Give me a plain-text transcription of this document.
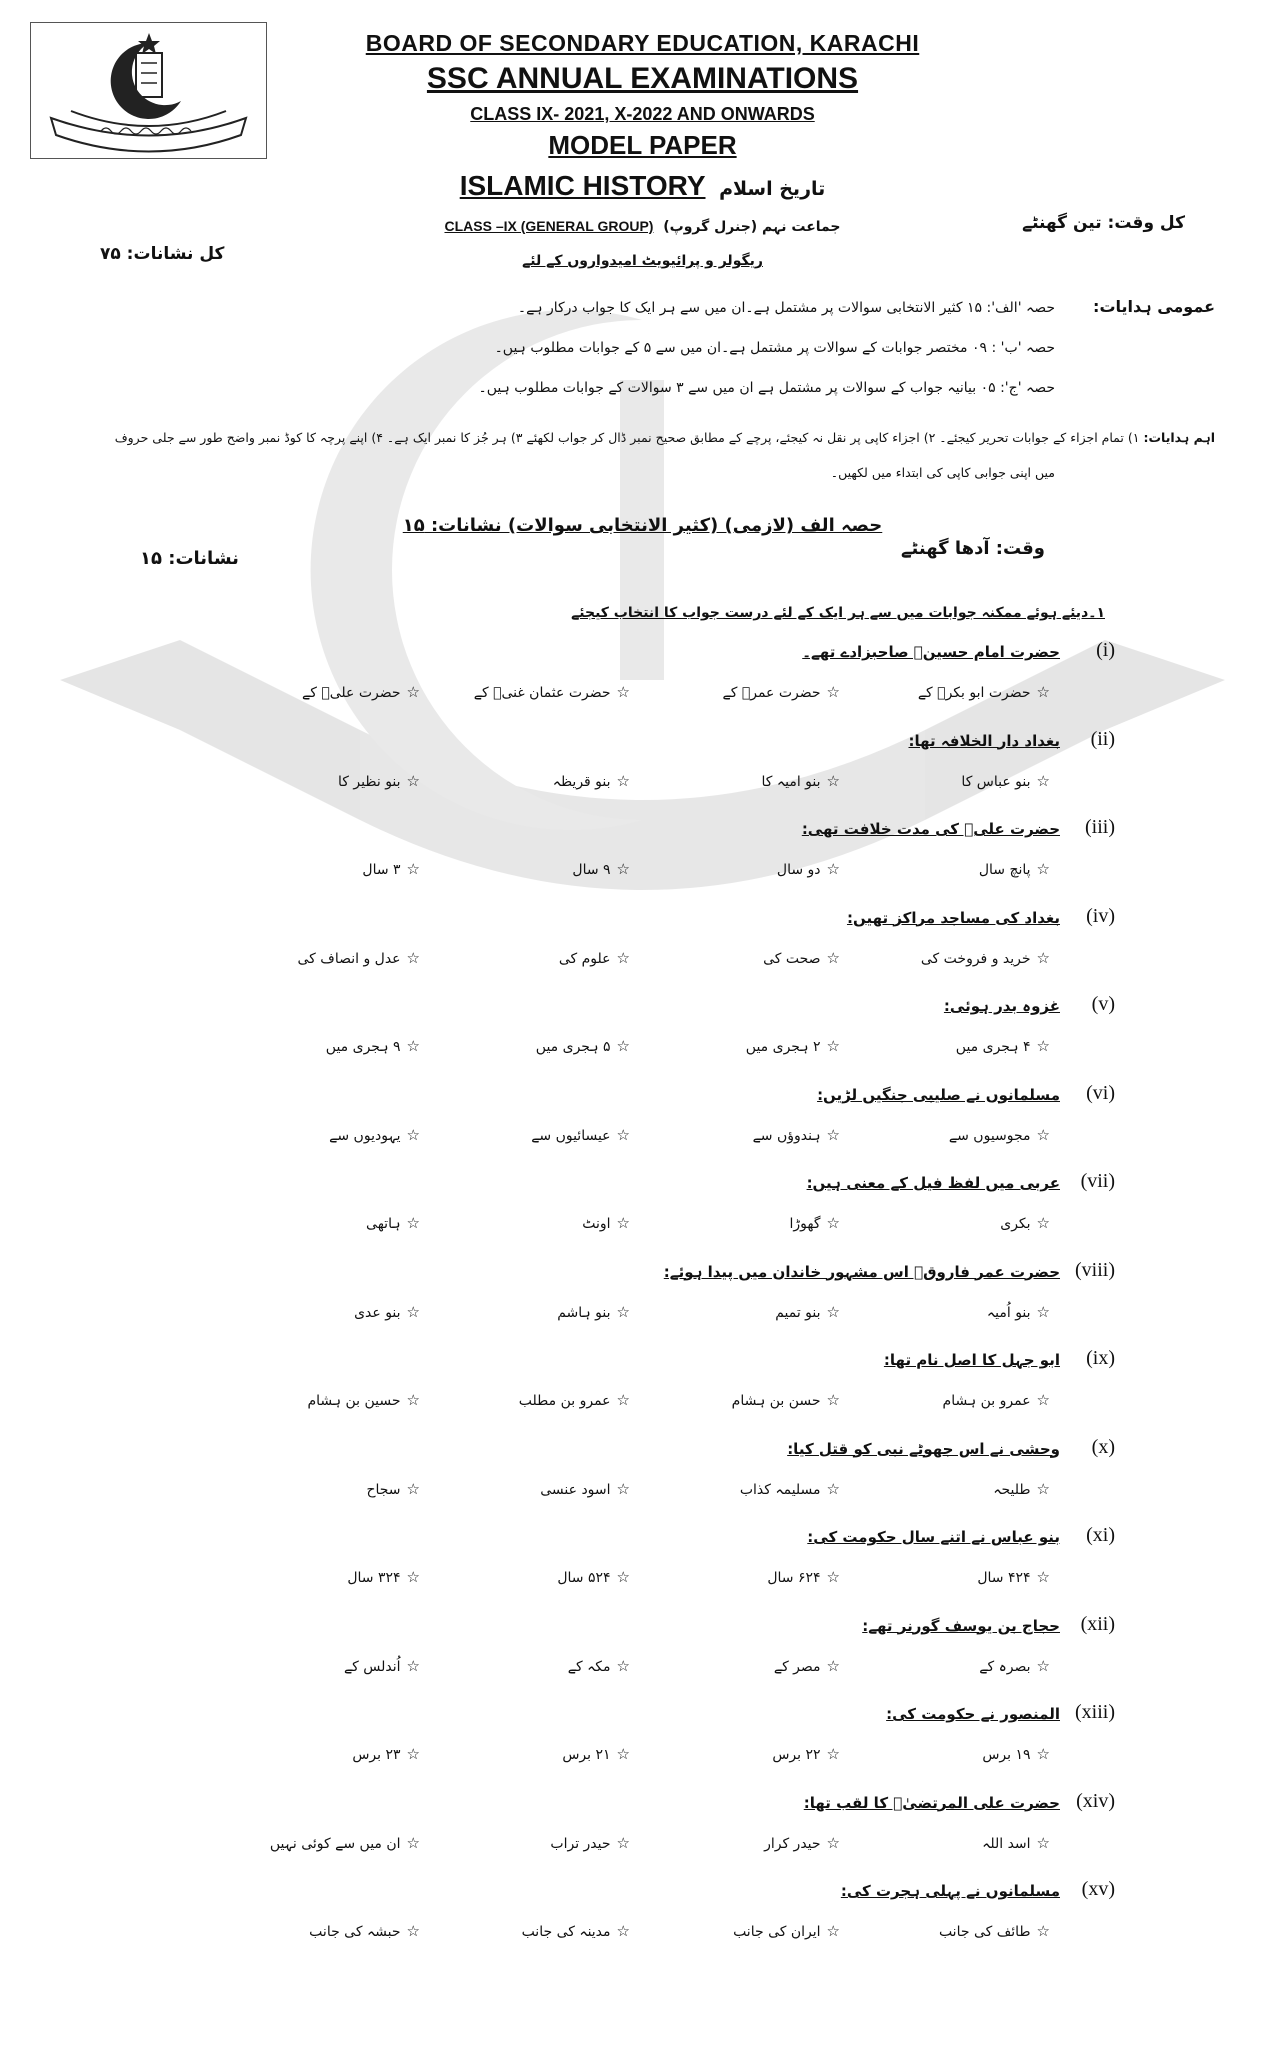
BOARD OF SECONDARY EDUCATION, KARACHI
SSC ANNUAL EXAMINATIONS
CLASS IX- 2021, X-2022 AND ONWARDS
MODEL PAPER
ISLAMIC HISTORY تاریخ اسلام
CLASS –IX (GENERAL GROUP) جماعت نہم (جنرل گروپ)
ریگولر و پرائیویٹ امیدواروں کے لئے
کل وقت: تین گھنٹے
کل نشانات: ۷۵
عمومی ہدایات:
حصہ 'الف': ۱۵ کثیر الانتخابی سوالات پر مشتمل ہے۔ان میں سے ہر ایک کا جواب درکار ہے۔
حصہ 'ب' : ۰۹ مختصر جوابات کے سوالات پر مشتمل ہے۔ان میں سے ۵ کے جوابات مطلوب ہیں۔
حصہ 'ج': ۰۵ بیانیہ جواب کے سوالات پر مشتمل ہے ان میں سے ۳ سوالات کے جوابات مطلوب ہیں۔
اہم ہدایات: ۱) تمام اجزاء کے جوابات تحریر کیجئے۔ ۲) اجزاء کاپی پر نقل نہ کیجئے، پرچے کے مطابق صحیح نمبر ڈال کر جواب لکھئے ۳) ہر جُز کا نمبر ایک ہے۔ ۴) اپنے پرچہ کا کوڈ نمبر واضح طور سے جلی حروف
میں اپنی جوابی کاپی کی ابتداء میں لکھیں۔
حصہ الف (لازمی) (کثیر الانتخابی سوالات) نشانات: ۱۵
وقت: آدھا گھنٹے
نشانات: ۱۵
۱۔دیئے ہوئے ممکنہ جوابات میں سے ہر ایک کے لئے درست جواب کا انتخاب کیجئے
(i)
حضرت امام حسینؓ صاحبزادے تھے۔
☆حضرت ابو بکرؓ کے
☆حضرت عمرؓ کے
☆حضرت عثمان غنیؓ کے
☆حضرت علیؓ کے
(ii)
بغداد دار الخلافہ تھا:
☆بنو عباس کا
☆بنو امیہ کا
☆بنو قریظہ
☆بنو نظیر کا
(iii)
حضرت علیؓ کی مدت خلافت تھی:
☆پانچ سال
☆دو سال
☆۹ سال
☆۳ سال
(iv)
بغداد کی مساجد مراکز تھیں:
☆خرید و فروخت کی
☆صحت کی
☆علوم کی
☆عدل و انصاف کی
(v)
غزوہ بدر ہوئی:
☆۴ ہجری میں
☆۲ ہجری میں
☆۵ ہجری میں
☆۹ ہجری میں
(vi)
مسلمانوں نے صلیبی جنگیں لڑیں:
☆مجوسیوں سے
☆ہندوؤں سے
☆عیسائیوں سے
☆یہودیوں سے
(vii)
عربی میں لفظ فیل کے معنی ہیں:
☆بکری
☆گھوڑا
☆اونٹ
☆ہاتھی
(viii)
حضرت عمر فاروقؓ اس مشہور خاندان میں پیدا ہوئے:
☆بنو اُمیہ
☆بنو تمیم
☆بنو ہاشم
☆بنو عدی
(ix)
ابو جہل کا اصل نام تھا:
☆عمرو بن ہشام
☆حسن بن ہشام
☆عمرو بن مطلب
☆حسین بن ہشام
(x)
وحشی نے اس جھوٹے نبی کو قتل کیا:
☆طلیحہ
☆مسلیمہ کذاب
☆اسود عنسی
☆سجاح
(xi)
بنو عباس نے اتنے سال حکومت کی:
☆۴۲۴ سال
☆۶۲۴ سال
☆۵۲۴ سال
☆۳۲۴ سال
(xii)
حجاج بن یوسف گورنر تھے:
☆بصرہ کے
☆مصر کے
☆مکہ کے
☆اُندلس کے
(xiii)
المنصور نے حکومت کی:
☆۱۹ برس
☆۲۲ برس
☆۲۱ برس
☆۲۳ برس
(xiv)
حضرت علی المرتضیٰؓ کا لقب تھا:
☆اسد اللہ
☆حیدر کرار
☆حیدر تراب
☆ان میں سے کوئی نہیں
(xv)
مسلمانوں نے پہلی ہجرت کی:
☆طائف کی جانب
☆ایران کی جانب
☆مدینہ کی جانب
☆حبشہ کی جانب
